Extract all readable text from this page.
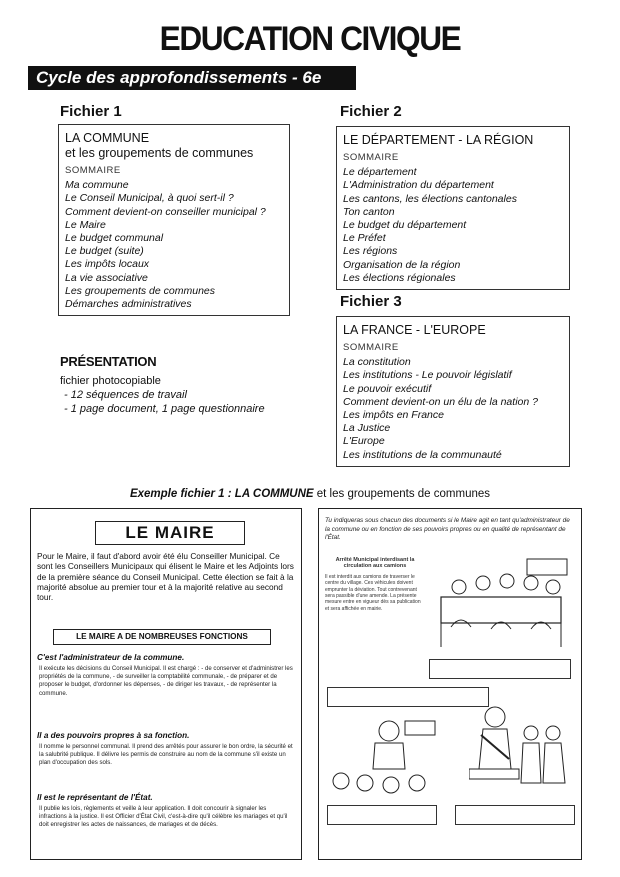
EDUCATION CIVIQUE
Cycle des approfondissements - 6e
Fichier 1
LA COMMUNE
et les groupements de communes
SOMMAIRE
Ma commune
Le Conseil Municipal, à quoi sert-il ?
Comment devient-on conseiller municipal ?
Le Maire
Le budget communal
Le budget (suite)
Les impôts locaux
La vie associative
Les groupements de communes
Démarches administratives
Fichier 2
LE DÉPARTEMENT - LA RÉGION
SOMMAIRE
Le département
L'Administration du département
Les cantons, les élections cantonales
Ton canton
Le budget du département
Le Préfet
Les régions
Organisation de la région
Les élections régionales
Fichier 3
LA FRANCE - L'EUROPE
SOMMAIRE
La constitution
Les institutions - Le pouvoir législatif
Le pouvoir exécutif
Comment devient-on un élu de la nation ?
Les impôts en France
La Justice
L'Europe
Les institutions de la communauté
PRÉSENTATION
fichier photocopiable
- 12 séquences de travail
- 1 page document, 1 page questionnaire
Exemple fichier 1 : LA COMMUNE et les groupements de communes
LE MAIRE
Pour le Maire, il faut d'abord avoir été élu Conseiller Municipal. Ce sont les Conseillers Municipaux qui élisent le Maire et les Adjoints lors de la première séance du Conseil Municipal. Cette élection se fait à la majorité absolue au premier tour et à la majorité relative au second tour.
LE MAIRE A DE NOMBREUSES FONCTIONS
C'est l'administrateur de la commune.
Il exécute les décisions du Conseil Municipal. Il est chargé : - de conserver et d'administrer les propriétés de la commune, - de surveiller la comptabilité communale, - de préparer et de proposer le budget, d'ordonner les dépenses, - de diriger les travaux, - de représenter la commune.
Il a des pouvoirs propres à sa fonction.
Il nomme le personnel communal. Il prend des arrêtés pour assurer le bon ordre, la sécurité et la salubrité publique. Il délivre les permis de construire au nom de la commune s'il existe un plan d'occupation des sols.
Il est le représentant de l'État.
Il publie les lois, règlements et veille à leur application. Il doit concourir à signaler les infractions à la justice. Il est Officier d'État Civil, c'est-à-dire qu'il célèbre les mariages et qu'il doit enregistrer les actes de naissances, de mariages et de décès.
Tu indiqueras sous chacun des documents si le Maire agit en tant qu'administrateur de la commune ou en fonction de ses pouvoirs propres ou en qualité de représentant de l'État.
Arrêté Municipal interdisant la circulation aux camions
Il est interdit aux camions de traverser le centre du village. Ces véhicules doivent emprunter la déviation. Tout contrevenant sera passible d'une amende. La présente mesure entre en vigueur dès sa publication et sera affichée en mairie.
